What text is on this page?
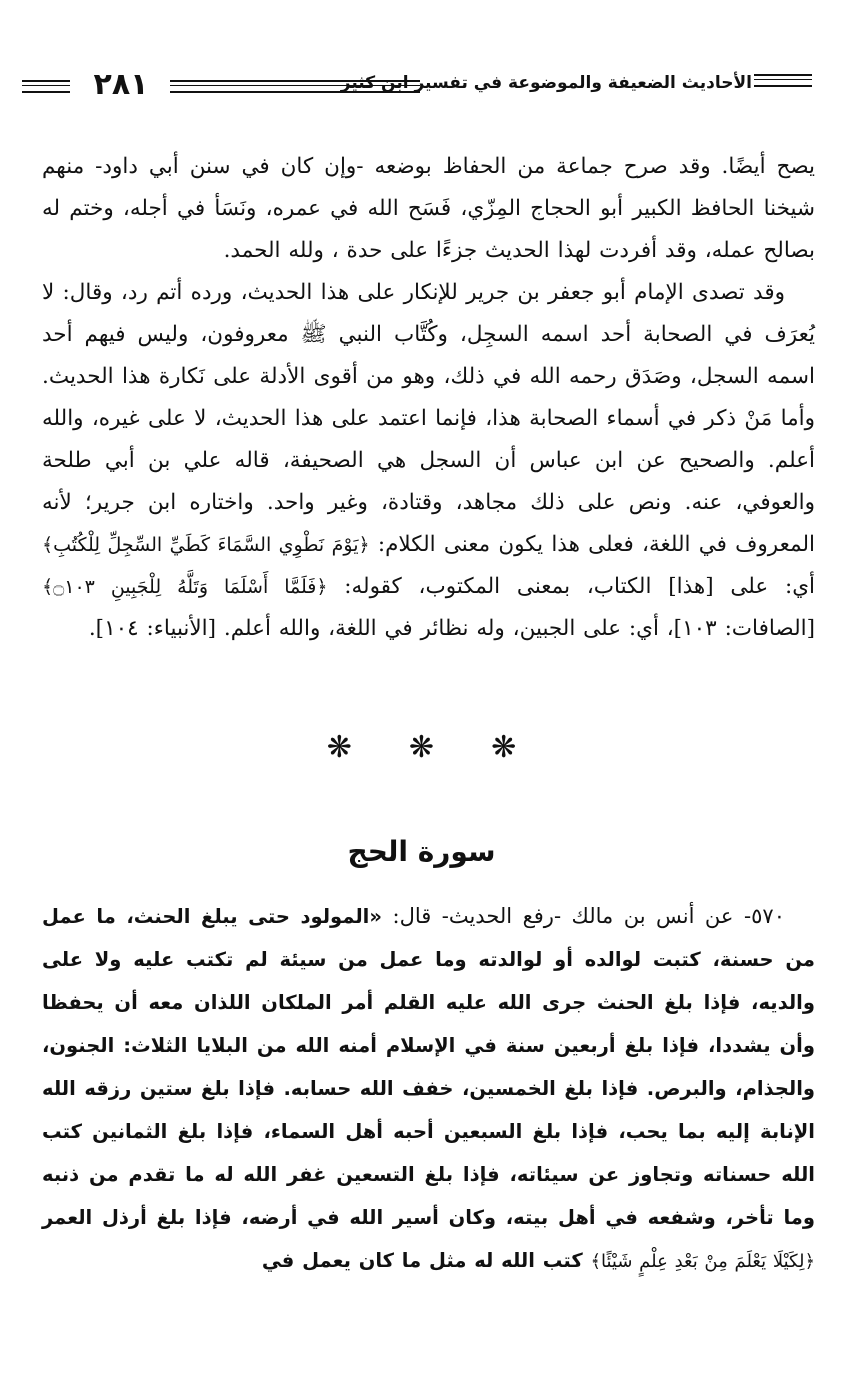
٢٨١	الأحاديث الضعيفة والموضوعة في تفسير ابن كثير

يصح أيضًا. وقد صرح جماعة من الحفاظ بوضعه -وإن كان في سنن أبي داود- منهم شيخنا الحافظ الكبير أبو الحجاج المِزّي، فَسَح الله في عمره، ونَسَأ في أجله، وختم له بصالح عمله، وقد أفردت لهذا الحديث جزءًا على حدة ، ولله الحمد.

وقد تصدى الإمام أبو جعفر بن جرير للإنكار على هذا الحديث، ورده أتم رد، وقال: لا يُعرَف في الصحابة أحد اسمه السجِل، وكُتَّاب النبي ﷺ معروفون، وليس فيهم أحد اسمه السجل، وصَدَق رحمه الله في ذلك، وهو من أقوى الأدلة على نَكارة هذا الحديث. وأما مَنْ ذكر في أسماء الصحابة هذا، فإنما اعتمد على هذا الحديث، لا على غيره، والله أعلم. والصحيح عن ابن عباس أن السجل هي الصحيفة، قاله علي بن أبي طلحة والعوفي، عنه. ونص على ذلك مجاهد، وقتادة، وغير واحد. واختاره ابن جرير؛ لأنه المعروف في اللغة، فعلى هذا يكون معنى الكلام: ﴿يَوْمَ نَطْوِي السَّمَاءَ كَطَيِّ السِّجِلِّ لِلْكُتُبِ﴾ أي: على [هذا] الكتاب، بمعنى المكتوب، كقوله: ﴿فَلَمَّا أَسْلَمَا وَتَلَّهُ لِلْجَبِينِ ۝١٠٣﴾ [الصافات: ١٠٣]، أي: على الجبين، وله نظائر في اللغة، والله أعلم. [الأنبياء: ١٠٤].

❋ ❋ ❋
سورة الحج

٥٧٠- عن أنس بن مالك -رفع الحديث- قال: «المولود حتى يبلغ الحنث، ما عمل من حسنة، كتبت لوالده أو لوالدته وما عمل من سيئة لم تكتب عليه ولا على والديه، فإذا بلغ الحنث جرى الله عليه القلم أمر الملكان اللذان معه أن يحفظا وأن يشددا، فإذا بلغ أربعين سنة في الإسلام أمنه الله من البلايا الثلاث: الجنون، والجذام، والبرص. فإذا بلغ الخمسين، خفف الله حسابه. فإذا بلغ ستين رزقه الله الإنابة إليه بما يحب، فإذا بلغ السبعين أحبه أهل السماء، فإذا بلغ الثمانين كتب الله حسناته وتجاوز عن سيئاته، فإذا بلغ التسعين غفر الله له ما تقدم من ذنبه وما تأخر، وشفعه في أهل بيته، وكان أسير الله في أرضه، فإذا بلغ أرذل العمر ﴿لِكَيْلَا يَعْلَمَ مِنْ بَعْدِ عِلْمٍ شَيْئًا﴾ كتب الله له مثل ما كان يعمل في
